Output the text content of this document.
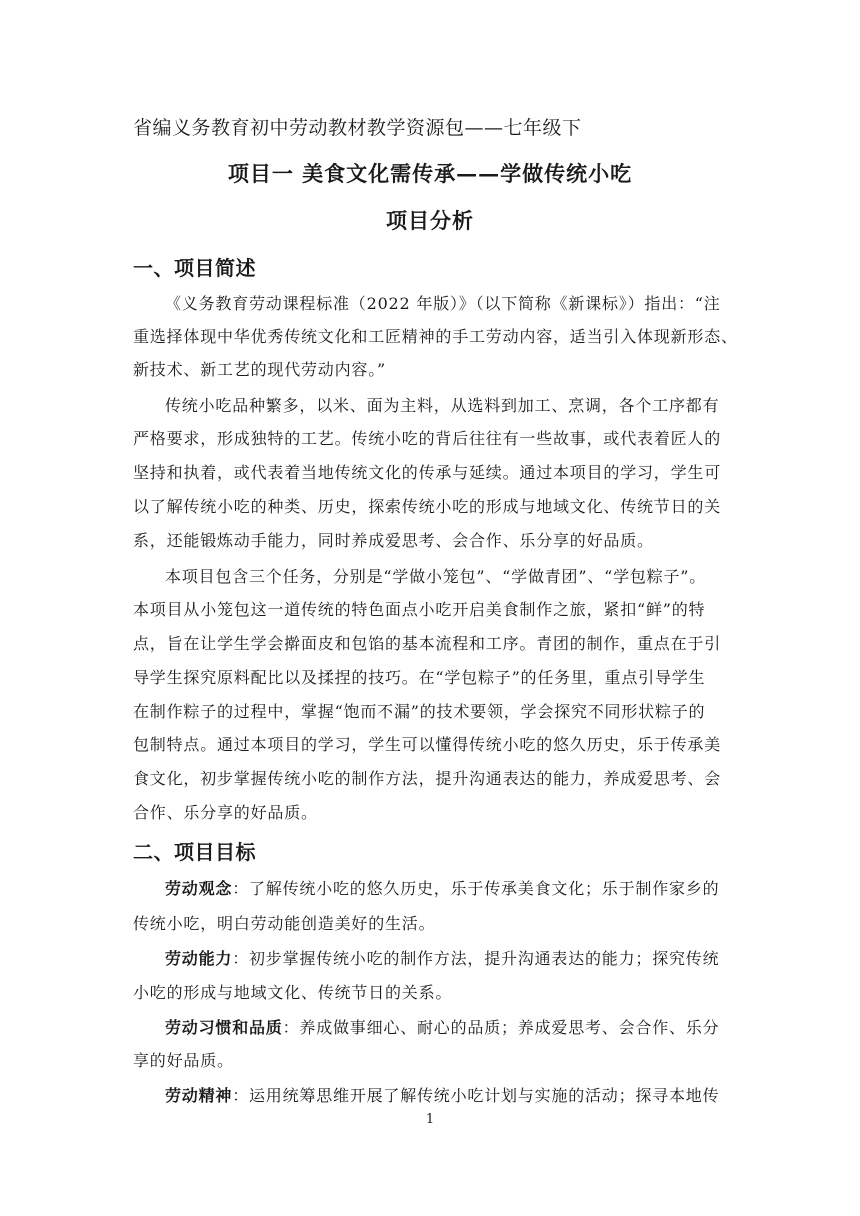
省编义务教育初中劳动教材教学资源包——七年级下
项目一 美食文化需传承——学做传统小吃
项目分析
一、项目简述
《义务教育劳动课程标准（2022 年版）》（以下简称《新课标》）指出：“注
重选择体现中华优秀传统文化和工匠精神的手工劳动内容，适当引入体现新形态、
新技术、新工艺的现代劳动内容。”
传统小吃品种繁多，以米、面为主料，从选料到加工、烹调，各个工序都有
严格要求，形成独特的工艺。传统小吃的背后往往有一些故事，或代表着匠人的
坚持和执着，或代表着当地传统文化的传承与延续。通过本项目的学习，学生可
以了解传统小吃的种类、历史，探索传统小吃的形成与地域文化、传统节日的关
系，还能锻炼动手能力，同时养成爱思考、会合作、乐分享的好品质。
本项目包含三个任务，分别是“学做小笼包”、“学做青团”、“学包粽子”。
本项目从小笼包这一道传统的特色面点小吃开启美食制作之旅，紧扣“鲜”的特
点，旨在让学生学会擀面皮和包馅的基本流程和工序。青团的制作，重点在于引
导学生探究原料配比以及揉捏的技巧。在“学包粽子”的任务里，重点引导学生
在制作粽子的过程中，掌握“饱而不漏”的技术要领，学会探究不同形状粽子的
包制特点。通过本项目的学习，学生可以懂得传统小吃的悠久历史，乐于传承美
食文化，初步掌握传统小吃的制作方法，提升沟通表达的能力，养成爱思考、会
合作、乐分享的好品质。
二、项目目标
劳动观念：了解传统小吃的悠久历史，乐于传承美食文化；乐于制作家乡的
传统小吃，明白劳动能创造美好的生活。
劳动能力：初步掌握传统小吃的制作方法，提升沟通表达的能力；探究传统
小吃的形成与地域文化、传统节日的关系。
劳动习惯和品质：养成做事细心、耐心的品质；养成爱思考、会合作、乐分
享的好品质。
劳动精神：运用统筹思维开展了解传统小吃计划与实施的活动；探寻本地传
1
